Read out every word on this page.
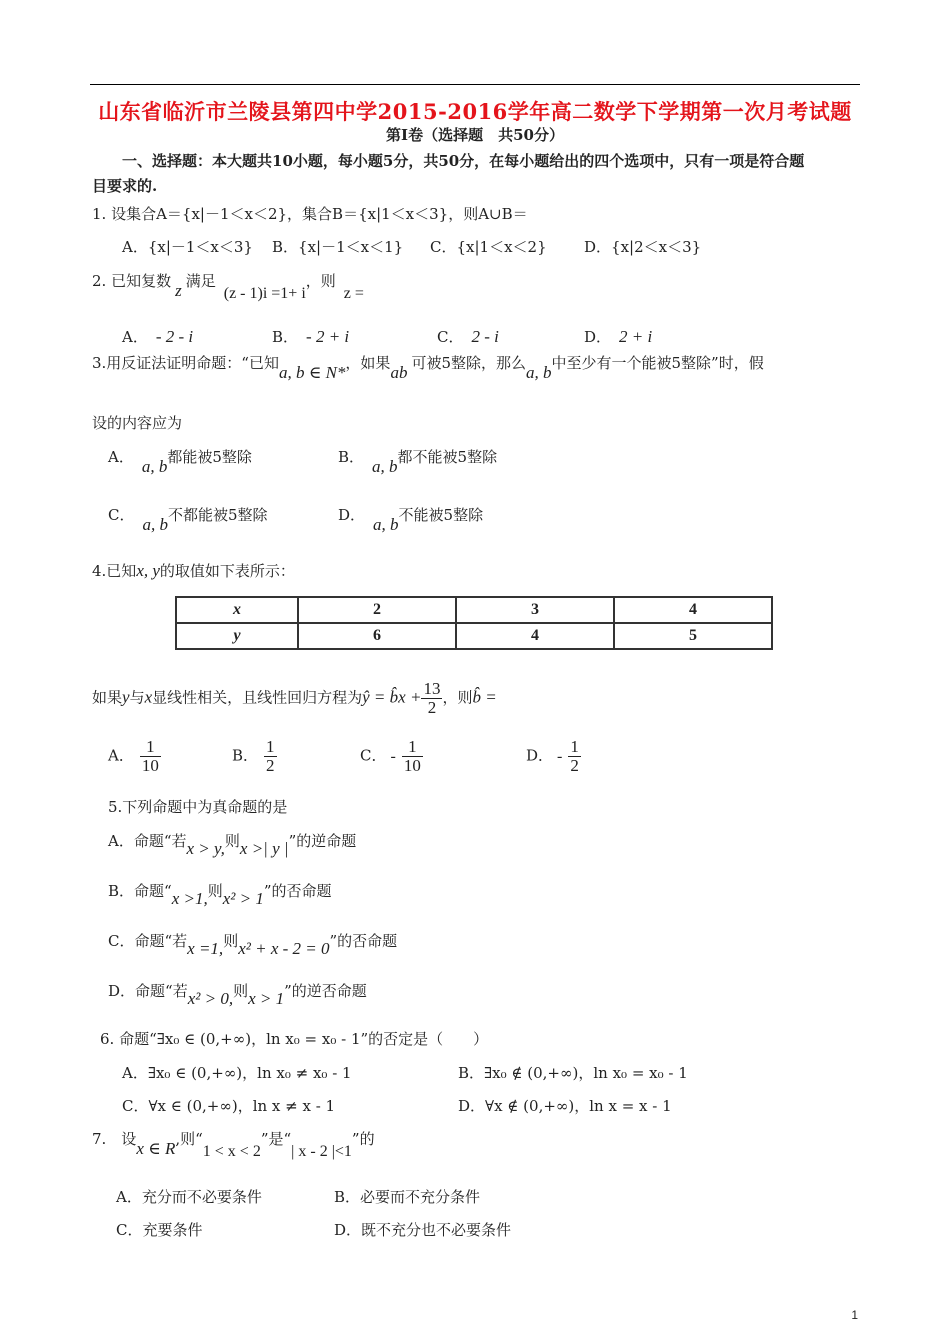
山东省临沂市兰陵县第四中学2015-2016学年高二数学下学期第一次月考试题
第Ⅰ卷（选择题　共50分）
一、选择题：本大题共10小题，每小题5分，共50分，在每小题给出的四个选项中，只有一项是符合题
目要求的.
1. 设集合A＝{x|－1＜x＜2}，集合B＝{x|1＜x＜3}，则A∪B＝
A．{x|－1＜x＜3} B．{x|－1＜x＜1} C．{x|1＜x＜2} D．{x|2＜x＜3}
2. 已知复数 z 满足(z - 1)i =1+ i，则z =
A． - 2 - i	B． - 2 + i	C． 2 - i	D． 2 + i
3.用反证法证明命题：“已知a, b ∈ N*，如果ab 可被5整除，那么a, b中至少有一个能被5整除”时，假
设的内容应为
A． a, b都能被5整除	B． a, b都不能被5整除
C． a, b不都能被5整除	D． a, b不能被5整除
4.已知x, y的取值如下表所示：
x	2	3	4
y	6	4	5
如果y与x显线性相关，且线性回归方程为ŷ = b̂x + $\frac{13}{2}$ ，则b̂ =
A． $\frac{1}{10}$	B． $\frac{1}{2}$	C． - $\frac{1}{10}$	D． - $\frac{1}{2}$
5.下列命题中为真命题的是
A．命题“若x > y,则x >| y |”的逆命题
B．命题“x >1,则x² > 1”的否命题
C．命题“若x =1,则x² + x - 2 = 0”的否命题
D．命题“若x² > 0,则x > 1”的逆否命题
6. 命题“∃x₀ ∈ (0,+∞)，ln x₀ = x₀ - 1”的否定是（　　）
A．∃x₀ ∈ (0,+∞)，ln x₀ ≠ x₀ - 1	B．∃x₀ ∉ (0,+∞)，ln x₀ = x₀ - 1
C．∀x ∈ (0,+∞)，ln x ≠ x - 1	D．∀x ∉ (0,+∞)，ln x = x - 1
7.　设x ∈ R,则“1 < x < 2”是“| x - 2 |<1”的
A．充分而不必要条件	B．必要而不充分条件
C．充要条件	D．既不充分也不必要条件
1
